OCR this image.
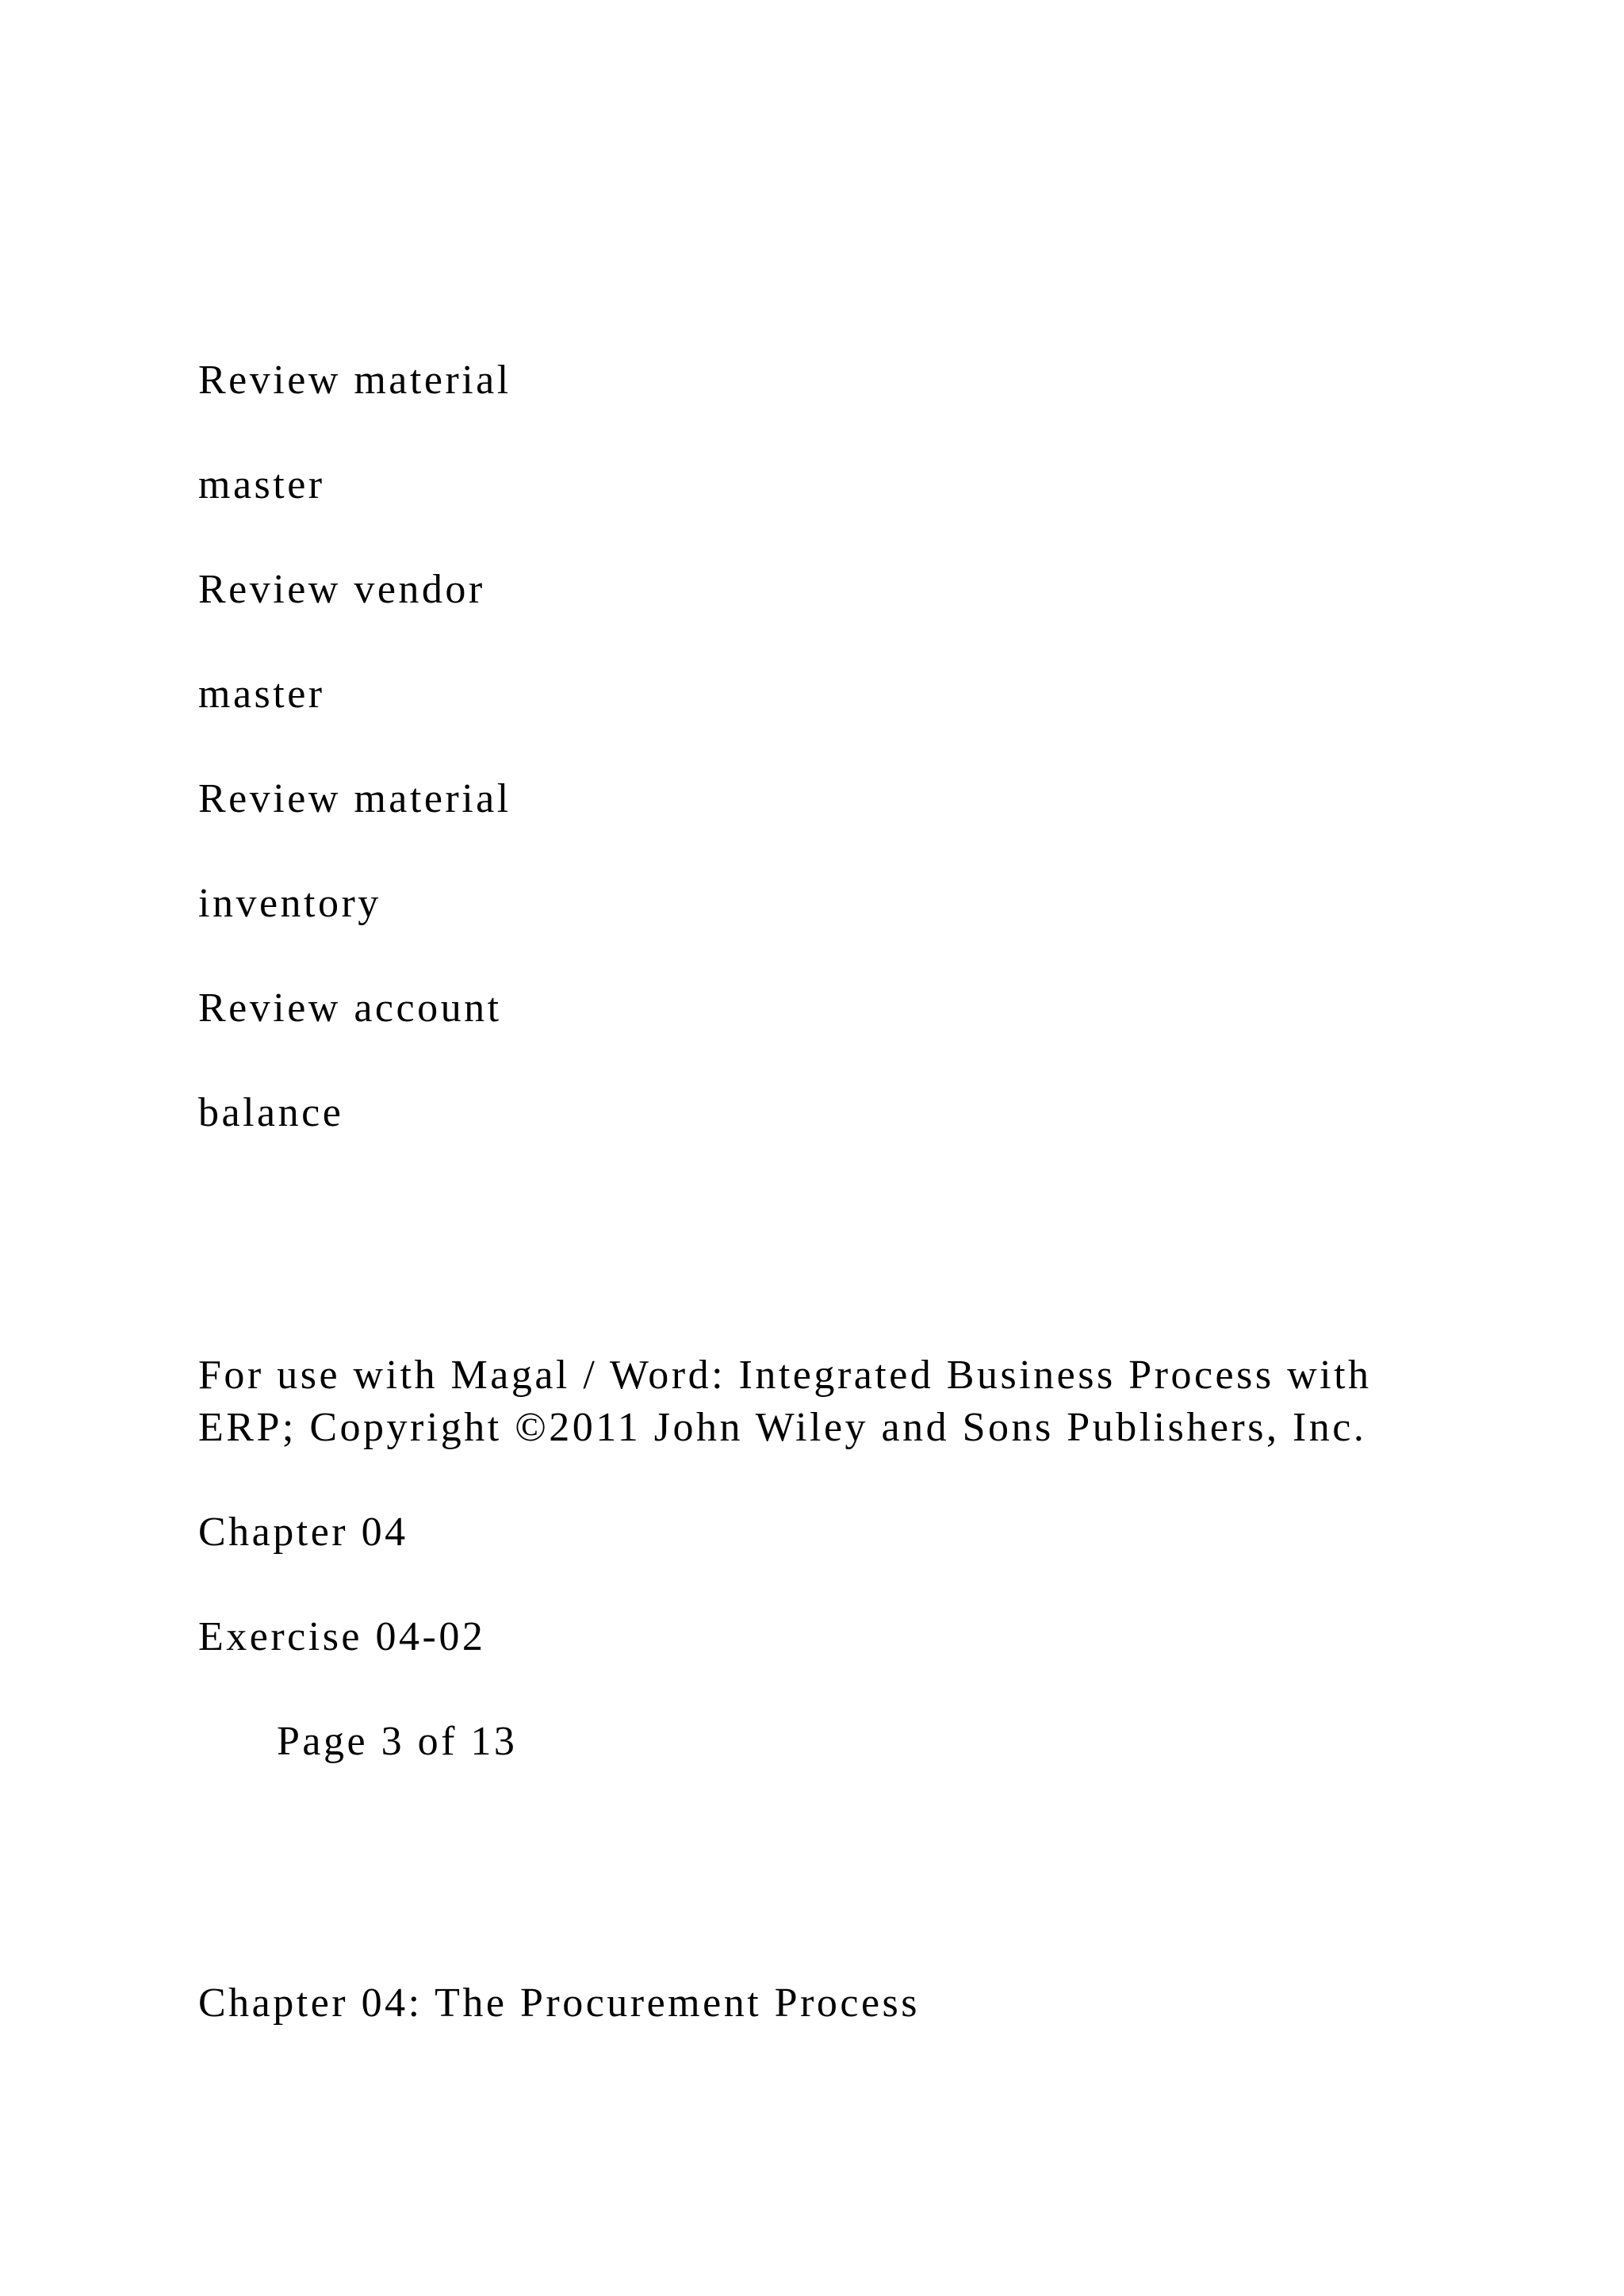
Review material

master

Review vendor

master

Review material

inventory

Review account

balance

For use with Magal / Word: Integrated Business Process with
ERP; Copyright ©2011 John Wiley and Sons Publishers, Inc.

Chapter 04

Exercise 04-02

Page 3 of 13

Chapter 04: The Procurement Process
